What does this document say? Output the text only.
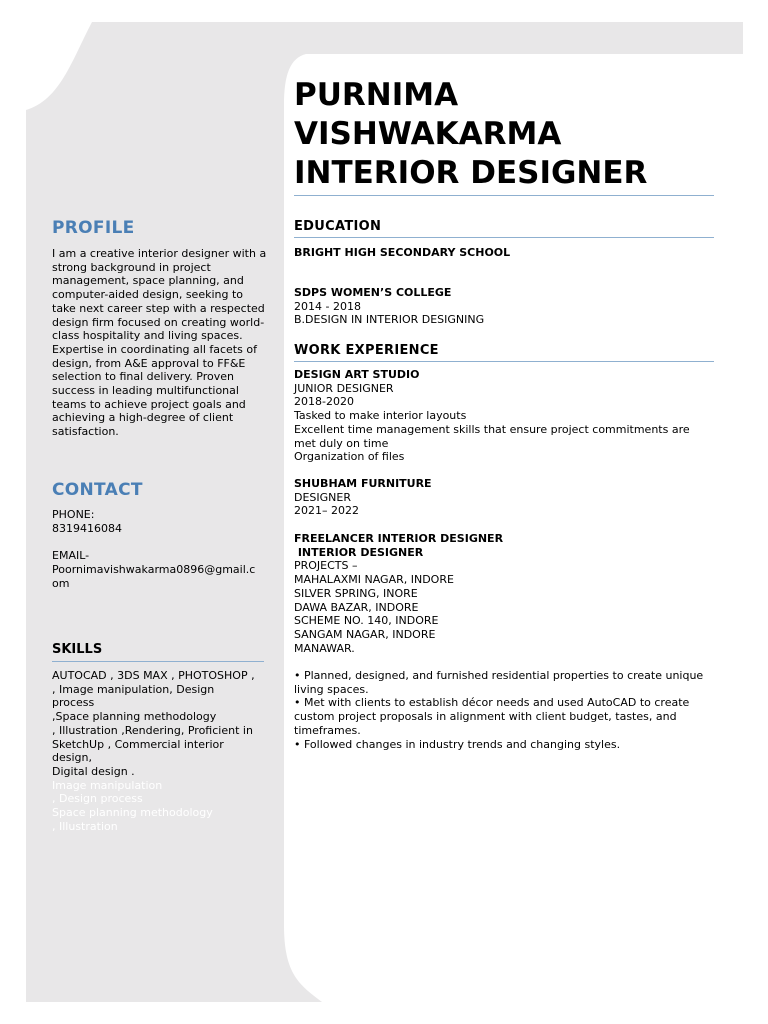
PURNIMA
VISHWAKARMA
INTERIOR DESIGNER
PROFILE
I am a creative interior designer with a strong background in project management, space planning, and computer-aided design, seeking to take next career step with a respected design firm focused on creating world-class hospitality and living spaces. Expertise in coordinating all facets of design, from A&E approval to FF&E selection to final delivery. Proven success in leading multifunctional teams to achieve project goals and achieving a high-degree of client satisfaction.
CONTACT
PHONE:
8319416084
EMAIL-
Poornimavishwakarma0896@gmail.c
om
SKILLS
AUTOCAD , 3DS MAX , PHOTOSHOP ,
, Image manipulation, Design
process
,Space planning methodology
, Illustration ,Rendering, Proficient in
SketchUp , Commercial interior
design,
Digital design .
Image manipulation
, Design process
Space planning methodology
, Illustration
EDUCATION
BRIGHT HIGH SECONDARY SCHOOL
SDPS WOMEN’S COLLEGE
2014 - 2018
B.DESIGN IN INTERIOR DESIGNING
WORK EXPERIENCE
DESIGN ART STUDIO
JUNIOR DESIGNER
2018-2020
Tasked to make interior layouts
Excellent time management skills that ensure project commitments are
met duly on time
Organization of files
SHUBHAM FURNITURE
DESIGNER
2021– 2022
FREELANCER INTERIOR DESIGNER
INTERIOR DESIGNER
PROJECTS –
MAHALAXMI NAGAR, INDORE
SILVER SPRING, INORE
DAWA BAZAR, INDORE
SCHEME NO. 140, INDORE
SANGAM NAGAR, INDORE
MANAWAR.
• Planned, designed, and furnished residential properties to create unique
living spaces.
• Met with clients to establish décor needs and used AutoCAD to create
custom project proposals in alignment with client budget, tastes, and
timeframes.
• Followed changes in industry trends and changing styles.
